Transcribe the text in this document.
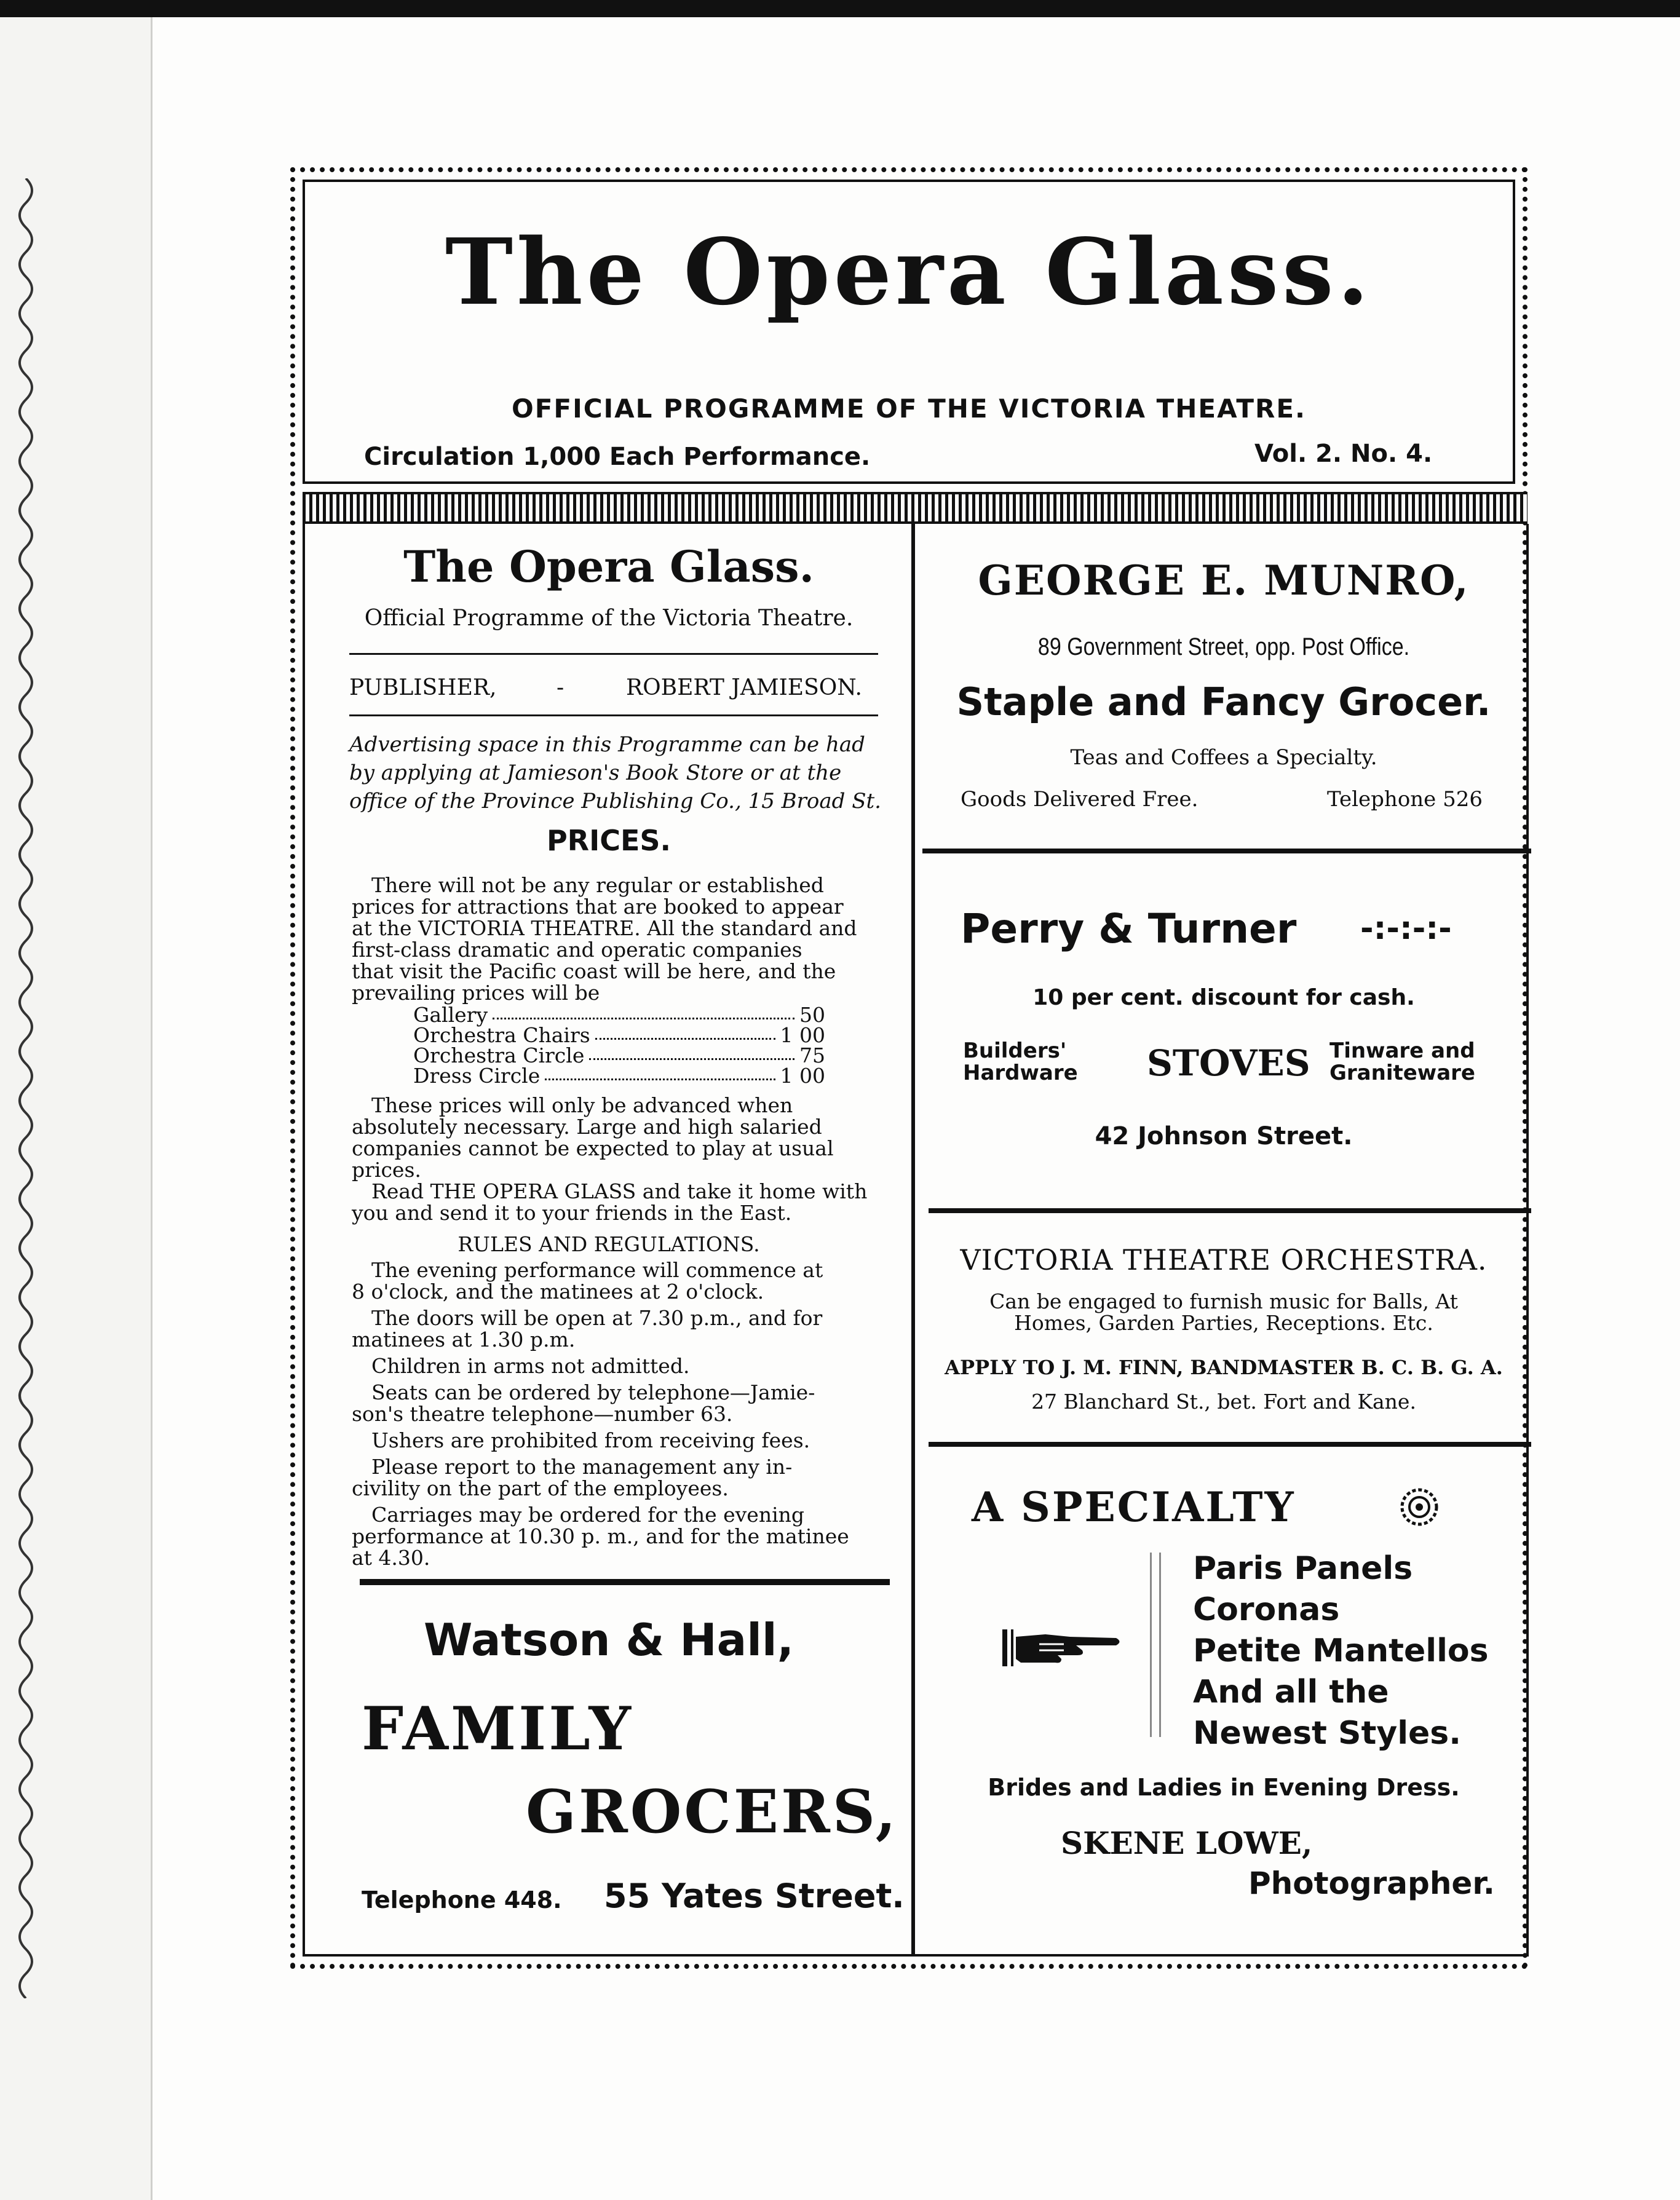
The Opera Glass.
OFFICIAL PROGRAMME OF THE VICTORIA THEATRE.
Circulation 1,000 Each Performance.	Vol. 2. No. 4.
The Opera Glass.
Official Programme of the Victoria Theatre.
PUBLISHER,	-	ROBERT JAMIESON.
Advertising space in this Programme can be had
by applying at Jamieson's Book Store or at the
office of the Province Publishing Co., 15 Broad St.
PRICES.
There will not be any regular or established
prices for attractions that are booked to appear
at the VICTORIA THEATRE. All the standard and
first-class dramatic and operatic companies
that visit the Pacific coast will be here, and the
prevailing prices will be
Gallery	50
Orchestra Chairs	1 00
Orchestra Circle	75
Dress Circle	1 00
These prices will only be advanced when
absolutely necessary. Large and high salaried
companies cannot be expected to play at usual
prices.
Read THE OPERA GLASS and take it home with
you and send it to your friends in the East.
RULES AND REGULATIONS.
The evening performance will commence at
8 o'clock, and the matinees at 2 o'clock.
The doors will be open at 7.30 p.m., and for
matinees at 1.30 p.m.
Children in arms not admitted.
Seats can be ordered by telephone—Jamie-
son's theatre telephone—number 63.
Ushers are prohibited from receiving fees.
Please report to the management any in-
civility on the part of the employees.
Carriages may be ordered for the evening
performance at 10.30 p. m., and for the matinee
at 4.30.
Watson & Hall,
FAMILY
GROCERS,
Telephone 448. 55 Yates Street.
GEORGE E. MUNRO,
89 Government Street, opp. Post Office.
Staple and Fancy Grocer.
Teas and Coffees a Specialty.
Goods Delivered Free.	Telephone 526
Perry & Turner -:-:-:-
10 per cent. discount for cash.
Builders'
Hardware STOVES Tinware and
Graniteware
42 Johnson Street.
VICTORIA THEATRE ORCHESTRA.
Can be engaged to furnish music for Balls, At
Homes, Garden Parties, Receptions. Etc.
APPLY TO J. M. FINN, BANDMASTER B. C. B. G. A.
27 Blanchard St., bet. Fort and Kane.
A SPECIALTY
Paris Panels
Coronas
Petite Mantellos
And all the
Newest Styles.
Brides and Ladies in Evening Dress.
SKENE LOWE,
Photographer.
